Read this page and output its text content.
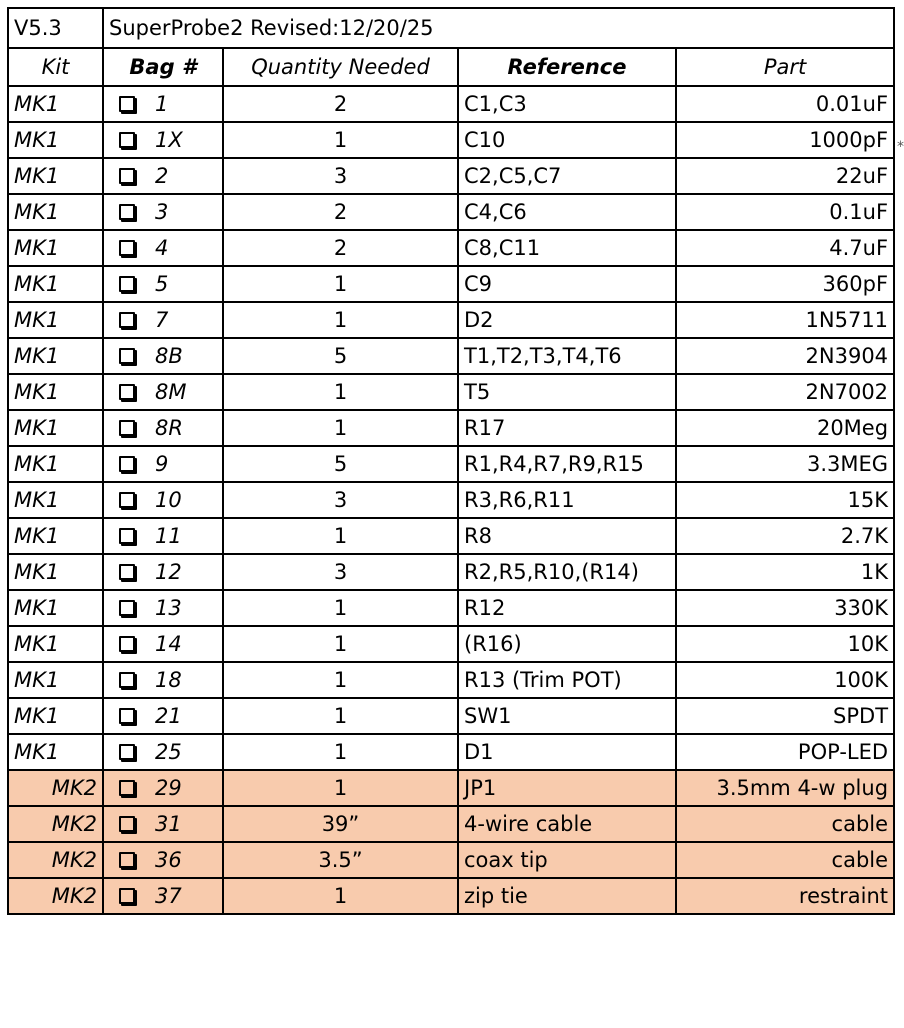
V5.3	SuperProbe2 Revised:12/20/25			
Kit	Bag #	Quantity Needed	Reference	Part
MK1	1	2	C1,C3	0.01uF
MK1	1X	1	C10	1000pF
MK1	2	3	C2,C5,C7	22uF
MK1	3	2	C4,C6	0.1uF
MK1	4	2	C8,C11	4.7uF
MK1	5	1	C9	360pF
MK1	7	1	D2	1N5711
MK1	8B	5	T1,T2,T3,T4,T6	2N3904
MK1	8M	1	T5	2N7002
MK1	8R	1	R17	20Meg
MK1	9	5	R1,R4,R7,R9,R15	3.3MEG
MK1	10	3	R3,R6,R11	15K
MK1	11	1	R8	2.7K
MK1	12	3	R2,R5,R10,(R14)	1K
MK1	13	1	R12	330K
MK1	14	1	(R16)	10K
MK1	18	1	R13 (Trim POT)	100K
MK1	21	1	SW1	SPDT
MK1	25	1	D1	POP-LED
MK2	29	1	JP1	3.5mm 4-w plug
MK2	31	39”	4-wire cable	cable
MK2	36	3.5”	coax tip	cable
MK2	37	1	zip tie	restraint
*
